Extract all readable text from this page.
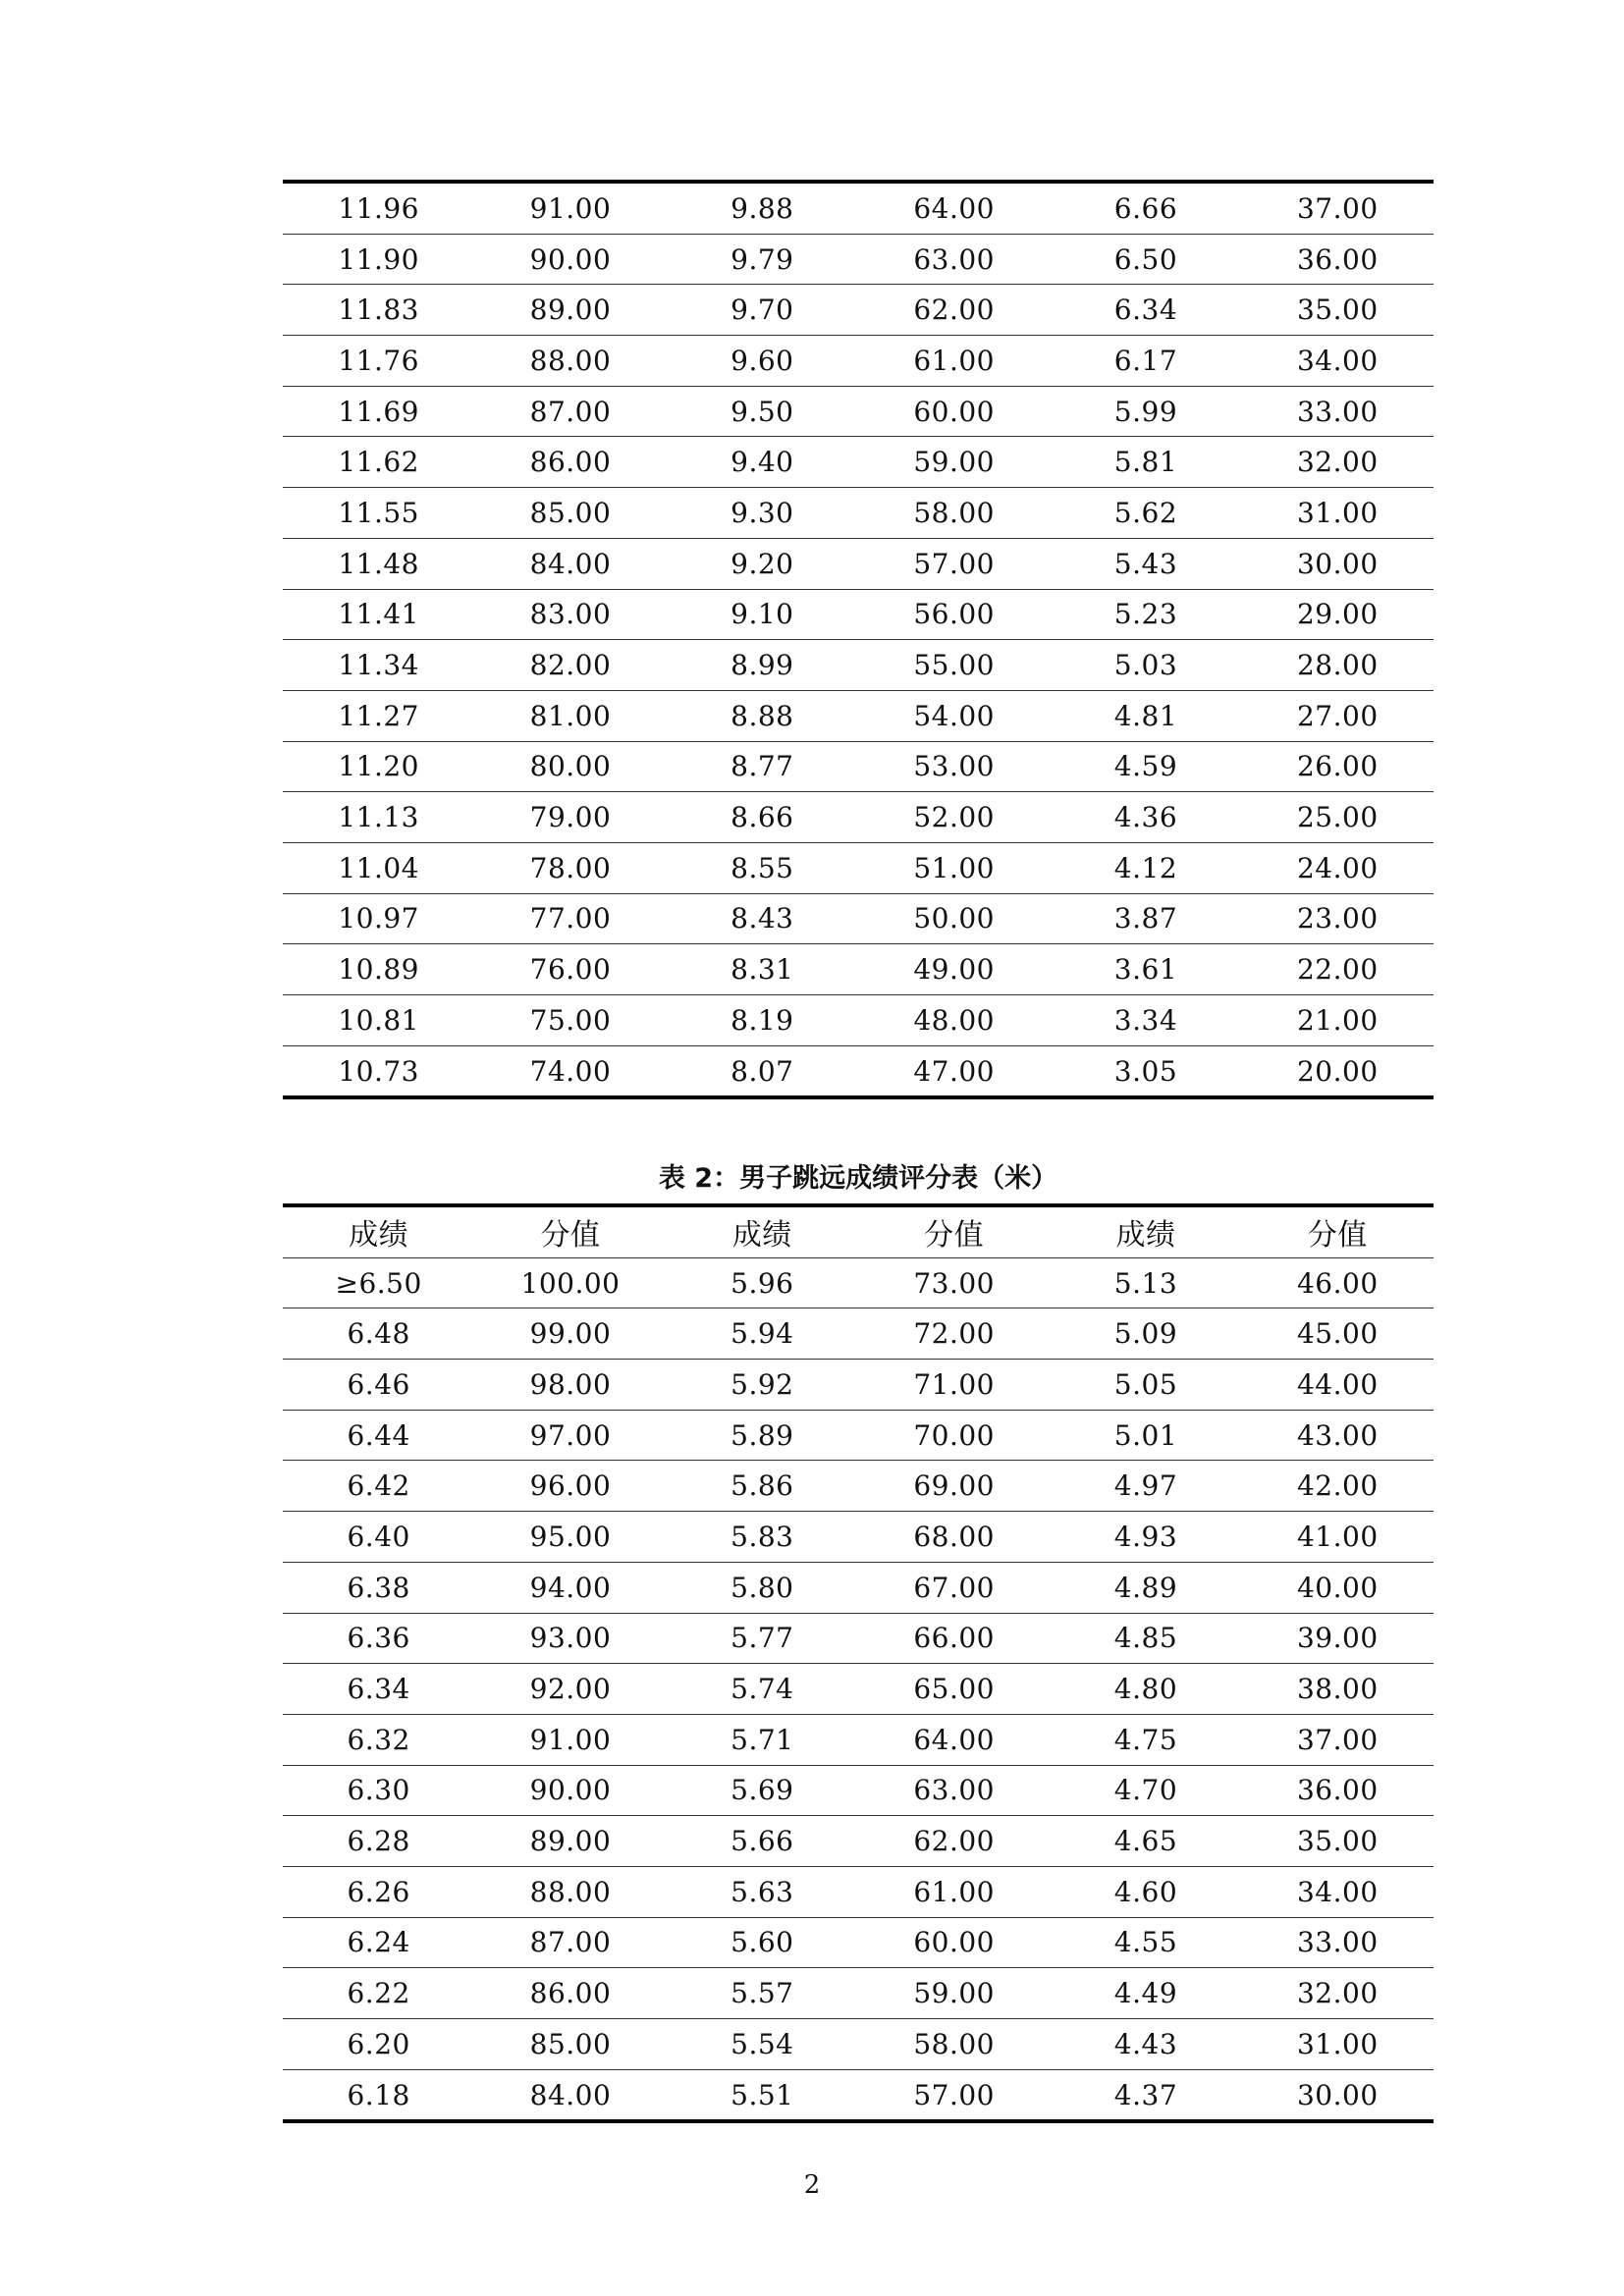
11.96	91.00	9.88	64.00	6.66	37.00
11.90	90.00	9.79	63.00	6.50	36.00
11.83	89.00	9.70	62.00	6.34	35.00
11.76	88.00	9.60	61.00	6.17	34.00
11.69	87.00	9.50	60.00	5.99	33.00
11.62	86.00	9.40	59.00	5.81	32.00
11.55	85.00	9.30	58.00	5.62	31.00
11.48	84.00	9.20	57.00	5.43	30.00
11.41	83.00	9.10	56.00	5.23	29.00
11.34	82.00	8.99	55.00	5.03	28.00
11.27	81.00	8.88	54.00	4.81	27.00
11.20	80.00	8.77	53.00	4.59	26.00
11.13	79.00	8.66	52.00	4.36	25.00
11.04	78.00	8.55	51.00	4.12	24.00
10.97	77.00	8.43	50.00	3.87	23.00
10.89	76.00	8.31	49.00	3.61	22.00
10.81	75.00	8.19	48.00	3.34	21.00
10.73	74.00	8.07	47.00	3.05	20.00
表 2：男子跳远成绩评分表（米）
成绩	分值	成绩	分值	成绩	分值
≥6.50	100.00	5.96	73.00	5.13	46.00
6.48	99.00	5.94	72.00	5.09	45.00
6.46	98.00	5.92	71.00	5.05	44.00
6.44	97.00	5.89	70.00	5.01	43.00
6.42	96.00	5.86	69.00	4.97	42.00
6.40	95.00	5.83	68.00	4.93	41.00
6.38	94.00	5.80	67.00	4.89	40.00
6.36	93.00	5.77	66.00	4.85	39.00
6.34	92.00	5.74	65.00	4.80	38.00
6.32	91.00	5.71	64.00	4.75	37.00
6.30	90.00	5.69	63.00	4.70	36.00
6.28	89.00	5.66	62.00	4.65	35.00
6.26	88.00	5.63	61.00	4.60	34.00
6.24	87.00	5.60	60.00	4.55	33.00
6.22	86.00	5.57	59.00	4.49	32.00
6.20	85.00	5.54	58.00	4.43	31.00
6.18	84.00	5.51	57.00	4.37	30.00
2
